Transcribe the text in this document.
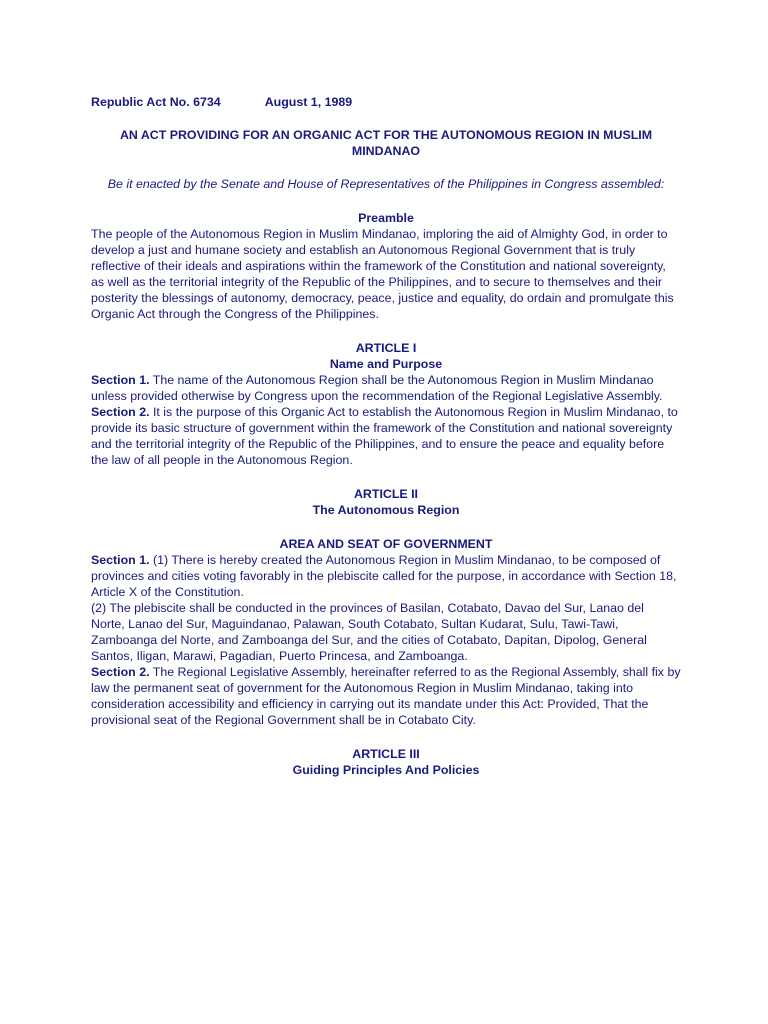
Republic Act No. 6734	August 1, 1989

AN ACT PROVIDING FOR AN ORGANIC ACT FOR THE AUTONOMOUS REGION IN MUSLIM MINDANAO

Be it enacted by the Senate and House of Representatives of the Philippines in Congress assembled:

Preamble

The people of the Autonomous Region in Muslim Mindanao, imploring the aid of Almighty God, in order to develop a just and humane society and establish an Autonomous Regional Government that is truly reflective of their ideals and aspirations within the framework of the Constitution and national sovereignty, as well as the territorial integrity of the Republic of the Philippines, and to secure to themselves and their posterity the blessings of autonomy, democracy, peace, justice and equality, do ordain and promulgate this Organic Act through the Congress of the Philippines.

ARTICLE I

Name and Purpose

Section 1. The name of the Autonomous Region shall be the Autonomous Region in Muslim Mindanao unless provided otherwise by Congress upon the recommendation of the Regional Legislative Assembly.

Section 2. It is the purpose of this Organic Act to establish the Autonomous Region in Muslim Mindanao, to provide its basic structure of government within the framework of the Constitution and national sovereignty and the territorial integrity of the Republic of the Philippines, and to ensure the peace and equality before the law of all people in the Autonomous Region.

ARTICLE II

The Autonomous Region

AREA AND SEAT OF GOVERNMENT

Section 1. (1) There is hereby created the Autonomous Region in Muslim Mindanao, to be composed of provinces and cities voting favorably in the plebiscite called for the purpose, in accordance with Section 18, Article X of the Constitution.

(2) The plebiscite shall be conducted in the provinces of Basilan, Cotabato, Davao del Sur, Lanao del Norte, Lanao del Sur, Maguindanao, Palawan, South Cotabato, Sultan Kudarat, Sulu, Tawi-Tawi, Zamboanga del Norte, and Zamboanga del Sur, and the cities of Cotabato, Dapitan, Dipolog, General Santos, Iligan, Marawi, Pagadian, Puerto Princesa, and Zamboanga.

Section 2. The Regional Legislative Assembly, hereinafter referred to as the Regional Assembly, shall fix by law the permanent seat of government for the Autonomous Region in Muslim Mindanao, taking into consideration accessibility and efficiency in carrying out its mandate under this Act: Provided, That the provisional seat of the Regional Government shall be in Cotabato City.

ARTICLE III

Guiding Principles And Policies
